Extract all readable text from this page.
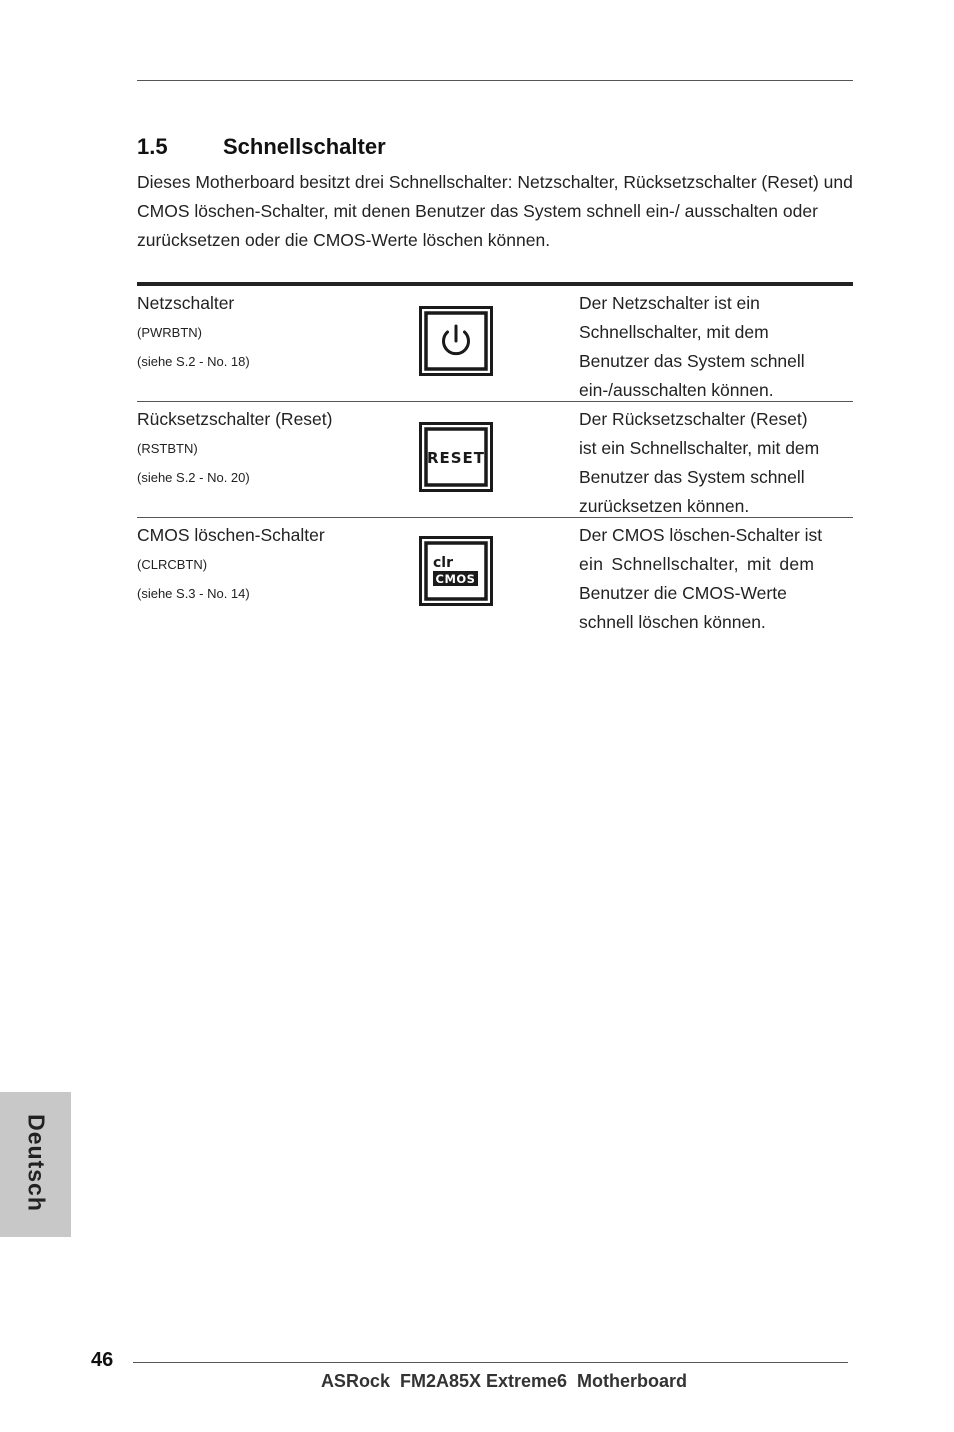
1.5	Schnellschalter
Dieses Motherboard besitzt drei Schnellschalter: Netzschalter, Rücksetzschalter (Reset) und CMOS löschen-Schalter, mit denen Benutzer das System schnell ein-/ ausschalten oder zurücksetzen oder die CMOS-Werte löschen können.
Netzschalter
(PWRBTN)
(siehe S.2 - No. 18)
Der Netzschalter ist ein
Schnellschalter, mit dem
Benutzer das System schnell
ein-/ausschalten können.
Rücksetzschalter (Reset)
(RSTBTN)
(siehe S.2 - No. 20)
RESET
Der Rücksetzschalter (Reset)
ist ein Schnellschalter, mit dem
Benutzer das System schnell
zurücksetzen können.
CMOS löschen-Schalter
(CLRCBTN)
(siehe S.3 - No. 14)
clr
CMOS
Der CMOS löschen-Schalter ist
ein Schnellschalter, mit dem
Benutzer die CMOS-Werte
schnell löschen können.
Deutsch
46
ASRock  FM2A85X Extreme6  Motherboard
